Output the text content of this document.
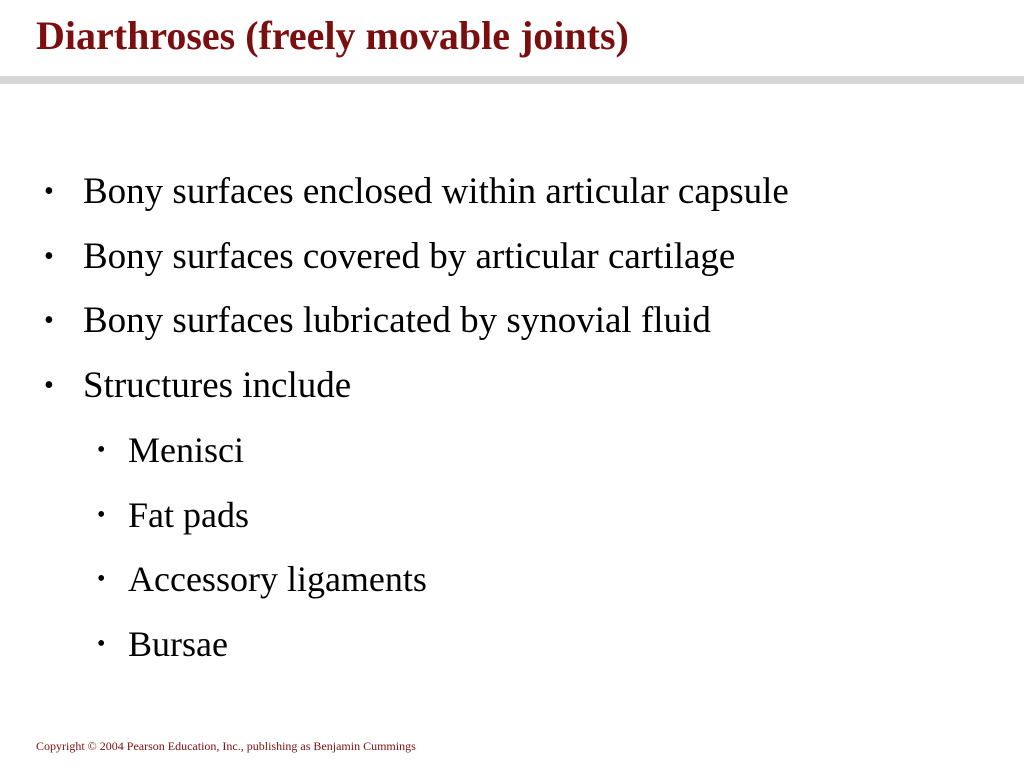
Diarthroses (freely movable joints)
• Bony surfaces enclosed within articular capsule
• Bony surfaces covered by articular cartilage
• Bony surfaces lubricated by synovial fluid
• Structures include
• Menisci
• Fat pads
• Accessory ligaments
• Bursae

Copyright © 2004 Pearson Education, Inc., publishing as Benjamin Cummings
